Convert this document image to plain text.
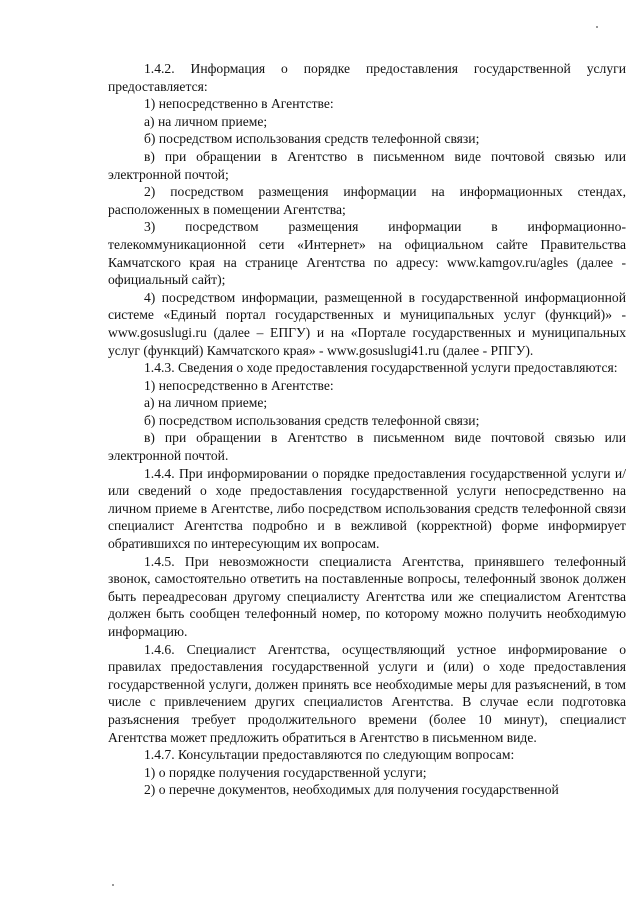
1.4.2. Информация о порядке предоставления государственной услуги предоставляется:

1) непосредственно в Агентстве:

а) на личном приеме;

б) посредством использования средств телефонной связи;

в) при обращении в Агентство в письменном виде почтовой связью или электронной почтой;

2) посредством размещения информации на информационных стендах, расположенных в помещении Агентства;

3) посредством размещения информации в информационно-телекоммуникационной сети «Интернет» на официальном сайте Правительства Камчатского края на странице Агентства по адресу: www.kamgov.ru/agles (далее - официальный сайт);

4) посредством информации, размещенной в государственной информационной системе «Единый портал государственных и муниципальных услуг (функций)» - www.gosuslugi.ru (далее – ЕПГУ) и на «Портале государственных и муниципальных услуг (функций) Камчатского края» - www.gosuslugi41.ru (далее - РПГУ).

1.4.3. Сведения о ходе предоставления государственной услуги предоставляются:

1) непосредственно в Агентстве:

а) на личном приеме;

б) посредством использования средств телефонной связи;

в) при обращении в Агентство в письменном виде почтовой связью или электронной почтой.

1.4.4. При информировании о порядке предоставления государственной услуги и/или сведений о ходе предоставления государственной услуги непосредственно на личном приеме в Агентстве, либо посредством использования средств телефонной связи специалист Агентства подробно и в вежливой (корректной) форме информирует обратившихся по интересующим их вопросам.

1.4.5. При невозможности специалиста Агентства, принявшего телефонный звонок, самостоятельно ответить на поставленные вопросы, телефонный звонок должен быть переадресован другому специалисту Агентства или же специалистом Агентства должен быть сообщен телефонный номер, по которому можно получить необходимую информацию.

1.4.6. Специалист Агентства, осуществляющий устное информирование о правилах предоставления государственной услуги и (или) о ходе предоставления государственной услуги, должен принять все необходимые меры для разъяснений, в том числе с привлечением других специалистов Агентства. В случае если подготовка разъяснения требует продолжительного времени (более 10 минут), специалист Агентства может предложить обратиться в Агентство в письменном виде.

1.4.7. Консультации предоставляются по следующим вопросам:

1) о порядке получения государственной услуги;

2) о перечне документов, необходимых для получения государственной
